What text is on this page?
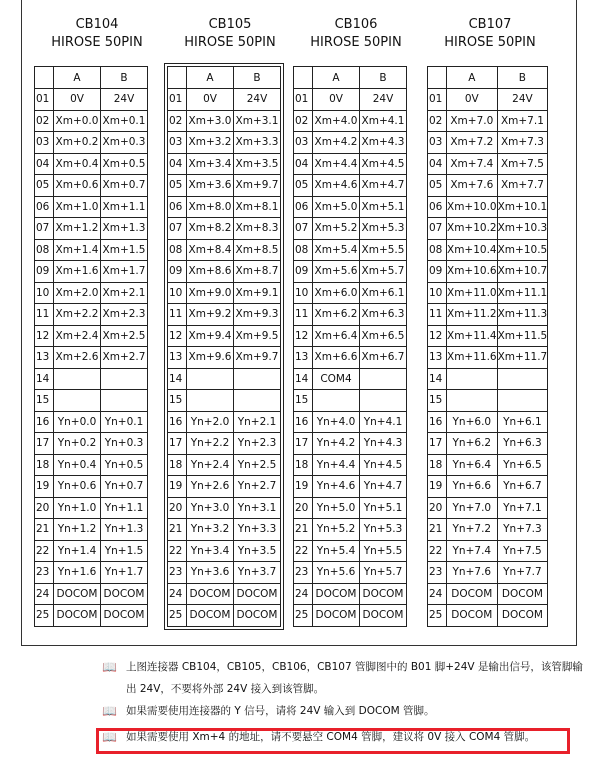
CB104
HIROSE 50PIN
	A	B
01	0V	24V
02	Xm+0.0	Xm+0.1
03	Xm+0.2	Xm+0.3
04	Xm+0.4	Xm+0.5
05	Xm+0.6	Xm+0.7
06	Xm+1.0	Xm+1.1
07	Xm+1.2	Xm+1.3
08	Xm+1.4	Xm+1.5
09	Xm+1.6	Xm+1.7
10	Xm+2.0	Xm+2.1
11	Xm+2.2	Xm+2.3
12	Xm+2.4	Xm+2.5
13	Xm+2.6	Xm+2.7
14		
15		
16	Yn+0.0	Yn+0.1
17	Yn+0.2	Yn+0.3
18	Yn+0.4	Yn+0.5
19	Yn+0.6	Yn+0.7
20	Yn+1.0	Yn+1.1
21	Yn+1.2	Yn+1.3
22	Yn+1.4	Yn+1.5
23	Yn+1.6	Yn+1.7
24	DOCOM	DOCOM
25	DOCOM	DOCOM
CB105
HIROSE 50PIN
	A	B
01	0V	24V
02	Xm+3.0	Xm+3.1
03	Xm+3.2	Xm+3.3
04	Xm+3.4	Xm+3.5
05	Xm+3.6	Xm+9.7
06	Xm+8.0	Xm+8.1
07	Xm+8.2	Xm+8.3
08	Xm+8.4	Xm+8.5
09	Xm+8.6	Xm+8.7
10	Xm+9.0	Xm+9.1
11	Xm+9.2	Xm+9.3
12	Xm+9.4	Xm+9.5
13	Xm+9.6	Xm+9.7
14		
15		
16	Yn+2.0	Yn+2.1
17	Yn+2.2	Yn+2.3
18	Yn+2.4	Yn+2.5
19	Yn+2.6	Yn+2.7
20	Yn+3.0	Yn+3.1
21	Yn+3.2	Yn+3.3
22	Yn+3.4	Yn+3.5
23	Yn+3.6	Yn+3.7
24	DOCOM	DOCOM
25	DOCOM	DOCOM
CB106
HIROSE 50PIN
	A	B
01	0V	24V
02	Xm+4.0	Xm+4.1
03	Xm+4.2	Xm+4.3
04	Xm+4.4	Xm+4.5
05	Xm+4.6	Xm+4.7
06	Xm+5.0	Xm+5.1
07	Xm+5.2	Xm+5.3
08	Xm+5.4	Xm+5.5
09	Xm+5.6	Xm+5.7
10	Xm+6.0	Xm+6.1
11	Xm+6.2	Xm+6.3
12	Xm+6.4	Xm+6.5
13	Xm+6.6	Xm+6.7
14	COM4	
15		
16	Yn+4.0	Yn+4.1
17	Yn+4.2	Yn+4.3
18	Yn+4.4	Yn+4.5
19	Yn+4.6	Yn+4.7
20	Yn+5.0	Yn+5.1
21	Yn+5.2	Yn+5.3
22	Yn+5.4	Yn+5.5
23	Yn+5.6	Yn+5.7
24	DOCOM	DOCOM
25	DOCOM	DOCOM
CB107
HIROSE 50PIN
	A	B
01	0V	24V
02	Xm+7.0	Xm+7.1
03	Xm+7.2	Xm+7.3
04	Xm+7.4	Xm+7.5
05	Xm+7.6	Xm+7.7
06	Xm+10.0	Xm+10.1
07	Xm+10.2	Xm+10.3
08	Xm+10.4	Xm+10.5
09	Xm+10.6	Xm+10.7
10	Xm+11.0	Xm+11.1
11	Xm+11.2	Xm+11.3
12	Xm+11.4	Xm+11.5
13	Xm+11.6	Xm+11.7
14		
15		
16	Yn+6.0	Yn+6.1
17	Yn+6.2	Yn+6.3
18	Yn+6.4	Yn+6.5
19	Yn+6.6	Yn+6.7
20	Yn+7.0	Yn+7.1
21	Yn+7.2	Yn+7.3
22	Yn+7.4	Yn+7.5
23	Yn+7.6	Yn+7.7
24	DOCOM	DOCOM
25	DOCOM	DOCOM
📖 上图连接器 CB104，CB105，CB106，CB107 管脚图中的 B01 脚+24V 是输出信号，该管脚输出 24V，不要将外部 24V 接入到该管脚。
📖 如果需要使用连接器的 Y 信号，请将 24V 输入到 DOCOM 管脚。
📖 如果需要使用 Xm+4 的地址，请不要悬空 COM4 管脚，建议将 0V 接入 COM4 管脚。
